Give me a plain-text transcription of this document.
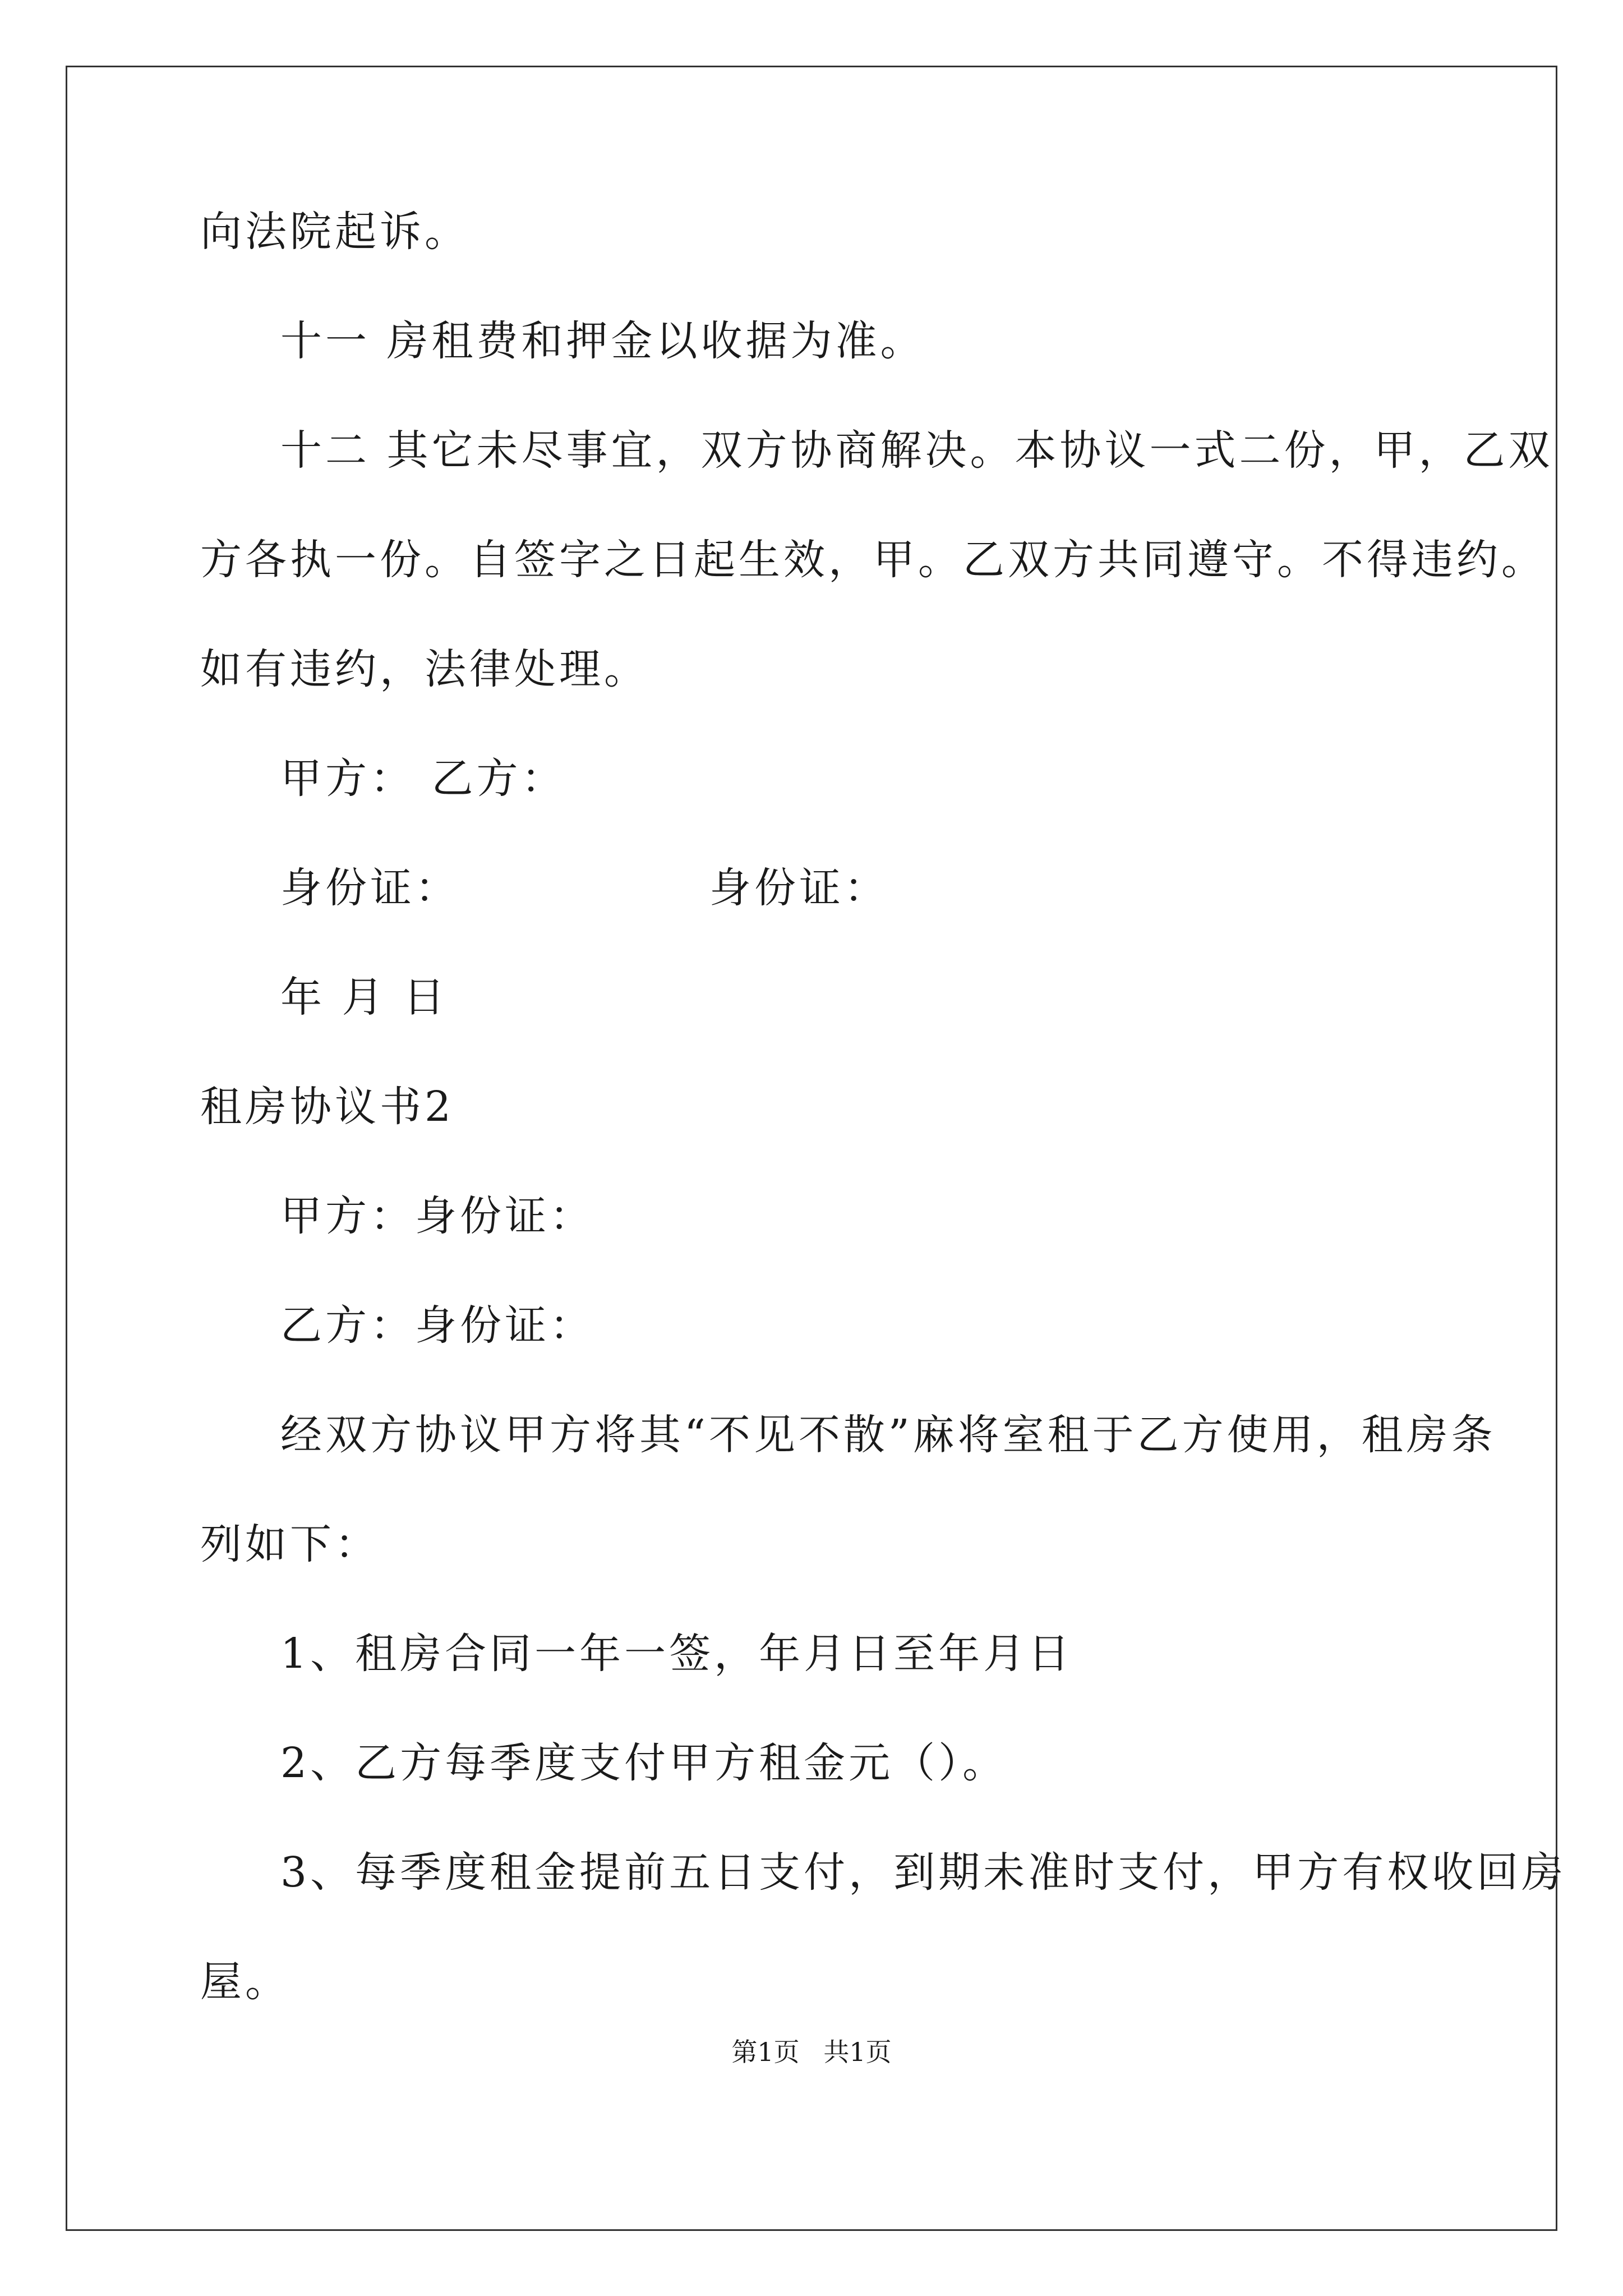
向法院起诉。
十一 房租费和押金以收据为准。
十二 其它未尽事宜，双方协商解决。本协议一式二份，甲，乙双
方各执一份。自签字之日起生效，甲。乙双方共同遵守。不得违约。
如有违约，法律处理。
甲方： 乙方：
身份证：	身份证：
年 月 日
租房协议书2
甲方：身份证：
乙方：身份证：
经双方协议甲方将其“不见不散”麻将室租于乙方使用，租房条
列如下：
1、租房合同一年一签，年月日至年月日
2、乙方每季度支付甲方租金元（）。
3、每季度租金提前五日支付，到期未准时支付，甲方有权收回房
屋。
第1页 共1页
